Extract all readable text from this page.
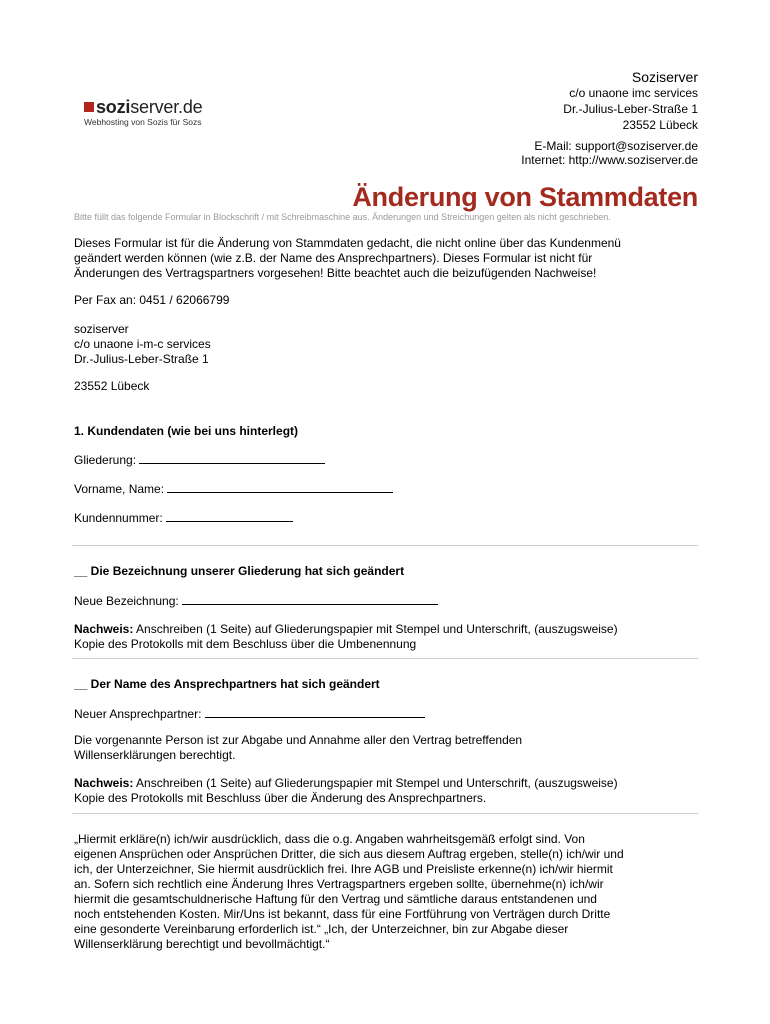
soziserver.de
Webhosting von Sozis für Sozs
Soziserver
c/o unaone imc services
Dr.-Julius-Leber-Straße 1
23552 Lübeck
E-Mail: support@soziserver.de
Internet: http://www.soziserver.de
Änderung von Stammdaten
Bitte füllt das folgende Formular in Blockschrift / mit Schreibmaschine aus. Änderungen und Streichungen gelten als nicht geschrieben.
Dieses Formular ist für die Änderung von Stammdaten gedacht, die nicht online über das Kundenmenü
geändert werden können (wie z.B. der Name des Ansprechpartners). Dieses Formular ist nicht für
Änderungen des Vertragspartners vorgesehen! Bitte beachtet auch die beizufügenden Nachweise!
Per Fax an: 0451 / 62066799
soziserver
c/o unaone i-m-c services
Dr.-Julius-Leber-Straße 1
23552 Lübeck
1. Kundendaten (wie bei uns hinterlegt)
Gliederung:
Vorname, Name:
Kundennummer:
__ Die Bezeichnung unserer Gliederung hat sich geändert
Neue Bezeichnung:
Nachweis: Anschreiben (1 Seite) auf Gliederungspapier mit Stempel und Unterschrift, (auszugsweise)
Kopie des Protokolls mit dem Beschluss über die Umbenennung
__ Der Name des Ansprechpartners hat sich geändert
Neuer Ansprechpartner:
Die vorgenannte Person ist zur Abgabe und Annahme aller den Vertrag betreffenden
Willenserklärungen berechtigt.
Nachweis: Anschreiben (1 Seite) auf Gliederungspapier mit Stempel und Unterschrift, (auszugsweise)
Kopie des Protokolls mit Beschluss über die Änderung des Ansprechpartners.
„Hiermit erkläre(n) ich/wir ausdrücklich, dass die o.g. Angaben wahrheitsgemäß erfolgt sind. Von
eigenen Ansprüchen oder Ansprüchen Dritter, die sich aus diesem Auftrag ergeben, stelle(n) ich/wir und
ich, der Unterzeichner, Sie hiermit ausdrücklich frei. Ihre AGB und Preisliste erkenne(n) ich/wir hiermit
an. Sofern sich rechtlich eine Änderung Ihres Vertragspartners ergeben sollte, übernehme(n) ich/wir
hiermit die gesamtschuldnerische Haftung für den Vertrag und sämtliche daraus entstandenen und
noch entstehenden Kosten. Mir/Uns ist bekannt, dass für eine Fortführung von Verträgen durch Dritte
eine gesonderte Vereinbarung erforderlich ist.“ „Ich, der Unterzeichner, bin zur Abgabe dieser
Willenserklärung berechtigt und bevollmächtigt.“
